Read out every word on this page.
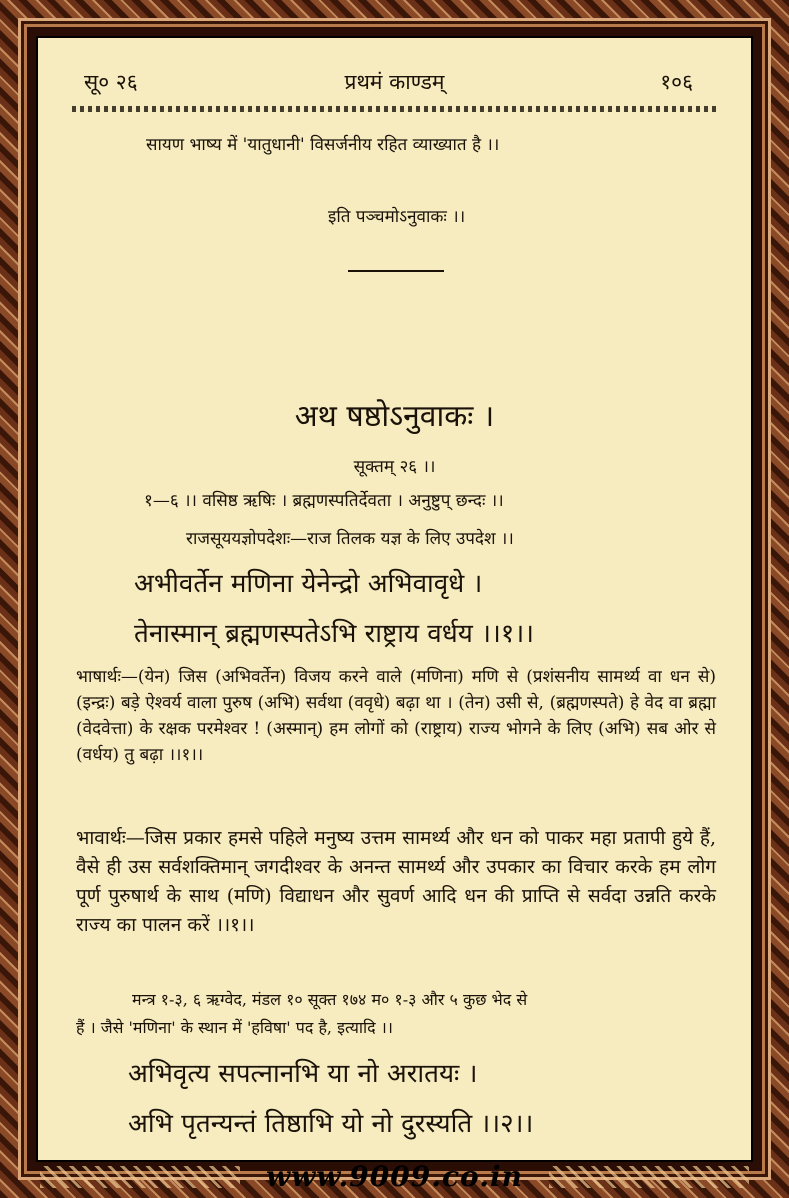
सू० २६	प्रथमं काण्डम्	१०६
सायण भाष्य में 'यातुधानी' विसर्जनीय रहित व्याख्यात है ।।
इति पञ्चमोऽनुवाकः ।।
अथ षष्ठोऽनुवाकः ।
सूक्तम् २६ ।।
१—६ ।। वसिष्ठ ऋषिः । ब्रह्मणस्पतिर्देवता । अनुष्टुप् छन्दः ।।
राजसूययज्ञोपदेशः—राज तिलक यज्ञ के लिए उपदेश ।।
अभीवर्तेन मणिना येनेन्द्रो अभिवावृधे ।
तेनास्मान् ब्रह्मणस्पतेऽभि राष्ट्राय वर्धय ।।१।।
भाषार्थः—(येन) जिस (अभिवर्तेन) विजय करने वाले (मणिना) मणि से (प्रशंसनीय सामर्थ्य वा धन से) (इन्द्रः) बड़े ऐश्वर्य वाला पुरुष (अभि) सर्वथा (ववृधे) बढ़ा था । (तेन) उसी से, (ब्रह्मणस्पते) हे वेद वा ब्रह्मा (वेदवेत्ता) के रक्षक परमेश्वर ! (अस्मान्) हम लोगों को (राष्ट्राय) राज्य भोगने के लिए (अभि) सब ओर से (वर्धय) तु बढ़ा ।।१।।
भावार्थः—जिस प्रकार हमसे पहिले मनुष्य उत्तम सामर्थ्य और धन को पाकर महा प्रतापी हुये हैं, वैसे ही उस सर्वशक्तिमान् जगदीश्वर के अनन्त सामर्थ्य और उपकार का विचार करके हम लोग पूर्ण पुरुषार्थ के साथ (मणि) विद्याधन और सुवर्ण आदि धन की प्राप्ति से सर्वदा उन्नति करके राज्य का पालन करें ।।१।।
मन्त्र १-३, ६ ऋग्वेद, मंडल १० सूक्त १७४ म० १-३ और ५ कुछ भेद से
हैं । जैसे 'मणिना' के स्थान में 'हविषा' पद है, इत्यादि ।।
अभिवृत्य सपत्नानभि या नो अरातयः ।
अभि पृतन्यन्तं तिष्ठाभि यो नो दुरस्यति ।।२।।
www.9009.co.in
